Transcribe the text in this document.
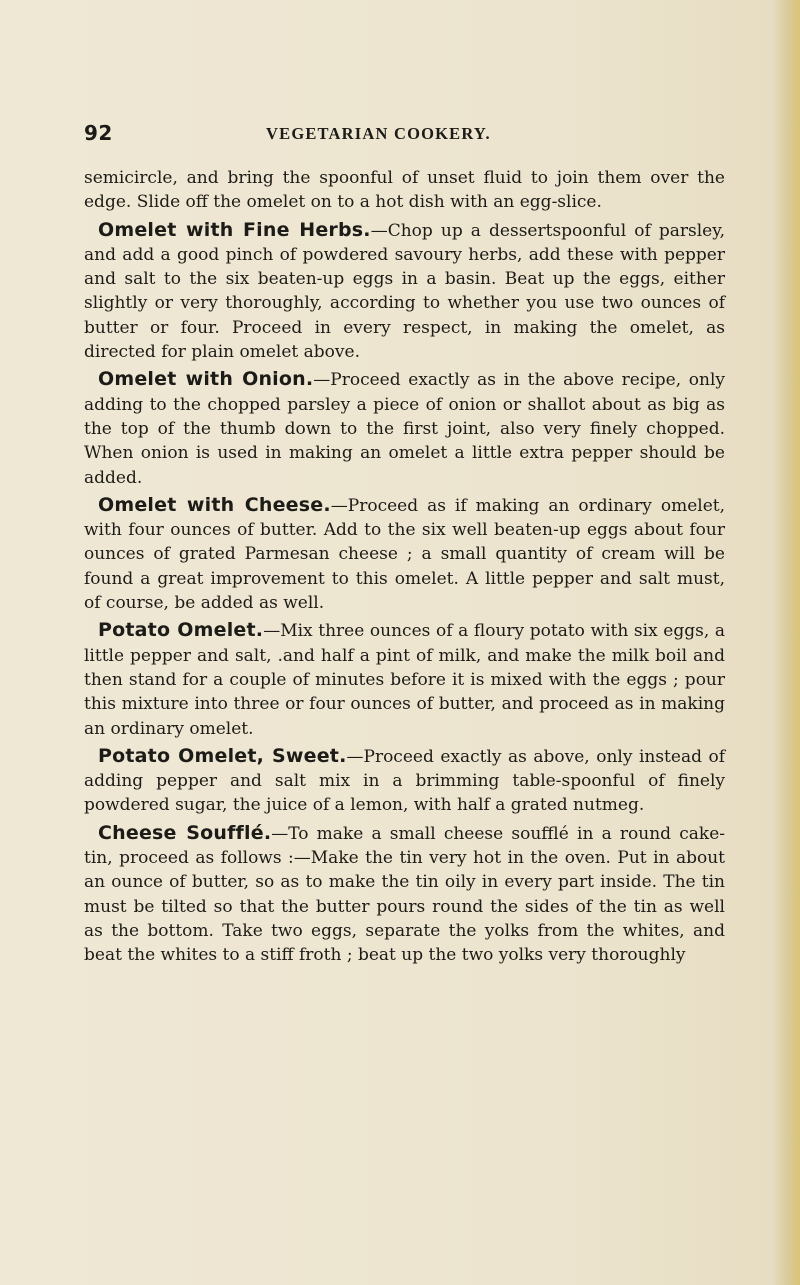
92	VEGETARIAN COOKERY.

semicircle, and bring the spoonful of unset fluid to join them over the edge. Slide off the omelet on to a hot dish with an egg-slice.

Omelet with Fine Herbs.—Chop up a dessertspoonful of parsley, and add a good pinch of powdered savoury herbs, add these with pepper and salt to the six beaten-up eggs in a basin. Beat up the eggs, either slightly or very thoroughly, according to whether you use two ounces of butter or four. Proceed in every respect, in making the omelet, as directed for plain omelet above.

Omelet with Onion.—Proceed exactly as in the above recipe, only adding to the chopped parsley a piece of onion or shallot about as big as the top of the thumb down to the first joint, also very finely chopped. When onion is used in making an omelet a little extra pepper should be added.

Omelet with Cheese.—Proceed as if making an ordinary omelet, with four ounces of butter. Add to the six well beaten-up eggs about four ounces of grated Parmesan cheese ; a small quantity of cream will be found a great improvement to this omelet. A little pepper and salt must, of course, be added as well.

Potato Omelet.—Mix three ounces of a floury potato with six eggs, a little pepper and salt, .and half a pint of milk, and make the milk boil and then stand for a couple of minutes before it is mixed with the eggs ; pour this mixture into three or four ounces of butter, and proceed as in making an ordinary omelet.

Potato Omelet, Sweet.—Proceed exactly as above, only instead of adding pepper and salt mix in a brimming table-spoonful of finely powdered sugar, the juice of a lemon, with half a grated nutmeg.

Cheese Soufflé.—To make a small cheese soufflé in a round cake-tin, proceed as follows :—Make the tin very hot in the oven. Put in about an ounce of butter, so as to make the tin oily in every part inside. The tin must be tilted so that the butter pours round the sides of the tin as well as the bottom. Take two eggs, separate the yolks from the whites, and beat the whites to a stiff froth ; beat up the two yolks very thoroughly
